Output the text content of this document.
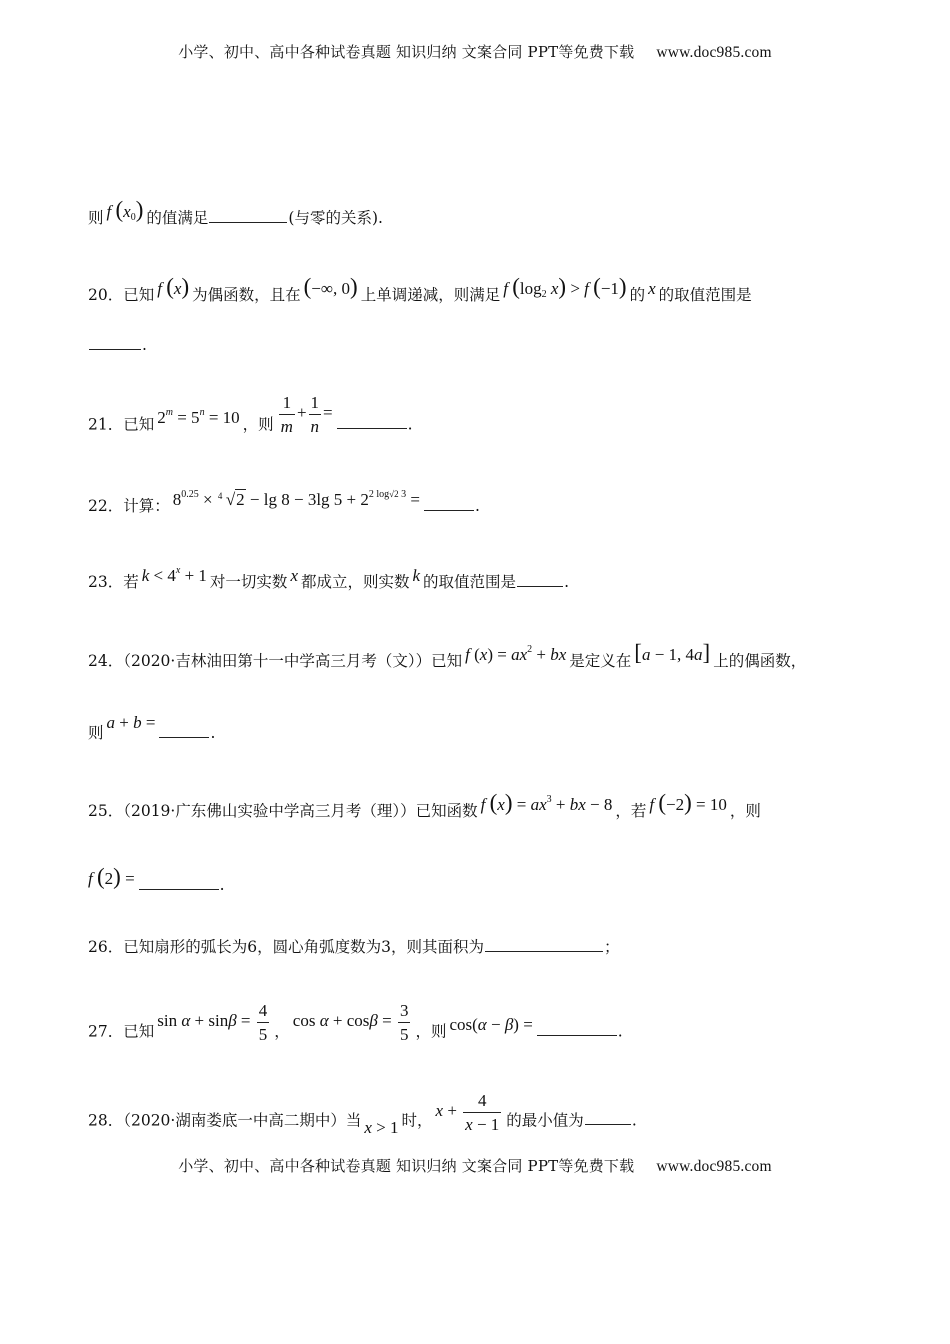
小学、初中、高中各种试卷真题 知识归纳 文案合同 PPT等免费下载 www.doc985.com
则 f $(x_0)$ 的值满足	(与零的关系).
20．已知 f (x) 为偶函数，且在 (−∞, 0) 上单调递减，则满足 f ($\log_2$ x) > f (−1) 的 x 的取值范围是
.
21．已知 $2^m = 5^n = 10$ ，则 $\frac{1}{m} + \frac{1}{n}$ =.
22．计算： $8^{0.25} \times 4$ √2 − lg 8 − 3lg $5 + 2^{2 log√2 3}$ =	.
23．若 $k < 4^x + 1$ 对一切实数 x 都成立，则实数 k 的取值范围是	.
24．（2020·吉林油田第十一中学高三月考（文））已知 f $(x) = ax^2$ + bx 是定义在 [a − 1, 4a] 上的偶函数，
则a + b =.
25．（2019·广东佛山实验中学高三月考（理））已知函数 f $(x) = ax^3$ + bx − 8 ，若 f (−2) = 10 ，则
f (2) =	.
26．已知扇形的弧长为6，圆心角弧度数为3，则其面积为	；
27．已知$\sin \alpha + \sin\beta = \frac{4}{5}$ ，$\cos \alpha + \cos\beta = \frac{3}{5}$ ，则 cos(α − β) =	.
28．（2020·湖南娄底一中高二期中）当 x > 1 时， $x + \frac{4}{x - 1}$ 的最小值为	.
小学、初中、高中各种试卷真题 知识归纳 文案合同 PPT等免费下载 www.doc985.com
